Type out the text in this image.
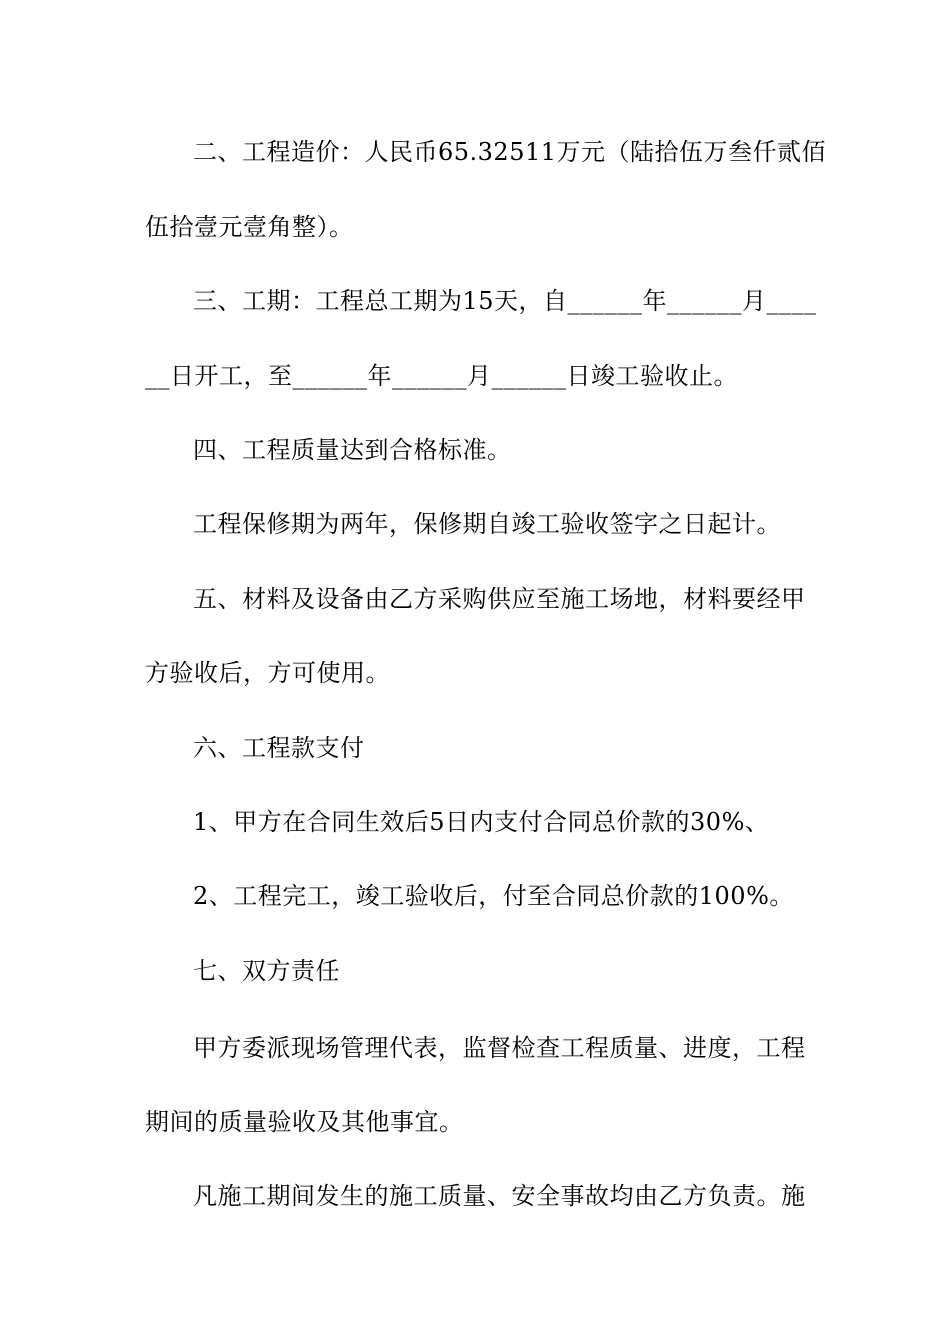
二、工程造价：人民币65.32511万元（陆拾伍万叁仟贰佰
伍拾壹元壹角整）。
三、工期：工程总工期为15天，自______年______月____
__日开工，至______年______月______日竣工验收止。
四、工程质量达到合格标准。
工程保修期为两年，保修期自竣工验收签字之日起计。
五、材料及设备由乙方采购供应至施工场地，材料要经甲
方验收后，方可使用。
六、工程款支付
1、甲方在合同生效后5日内支付合同总价款的30%、
2、工程完工，竣工验收后，付至合同总价款的100%。
七、双方责任
甲方委派现场管理代表，监督检查工程质量、进度，工程
期间的质量验收及其他事宜。
凡施工期间发生的施工质量、安全事故均由乙方负责。施
